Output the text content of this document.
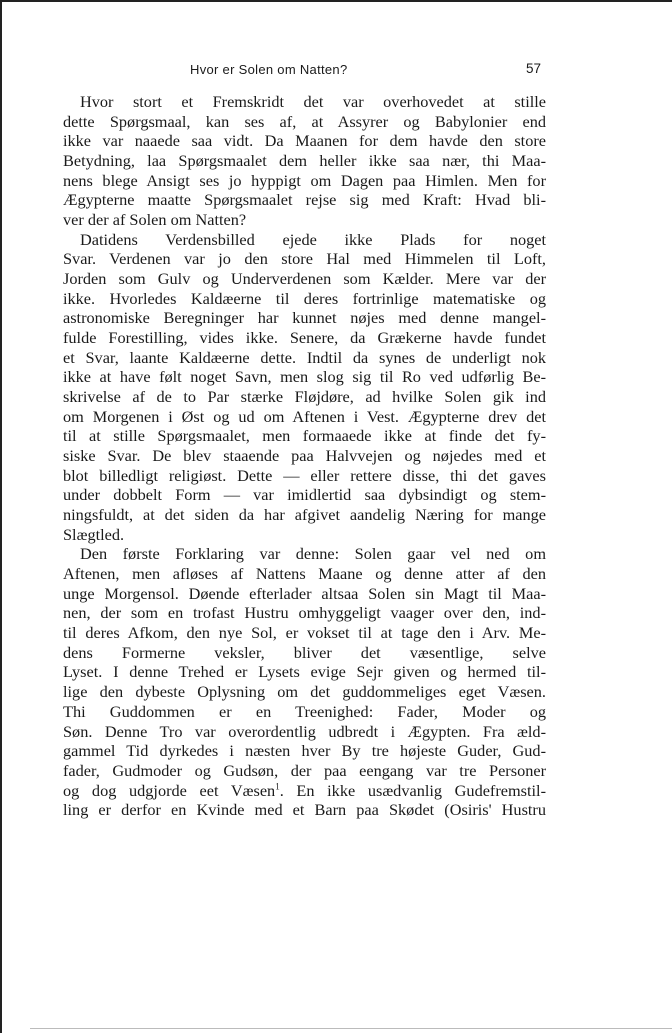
Hvor er Solen om Natten?	57
Hvor stort et Fremskridt det var overhovedet at stille
dette Spørgsmaal, kan ses af, at Assyrer og Babylonier end
ikke var naaede saa vidt. Da Maanen for dem havde den store
Betydning, laa Spørgsmaalet dem heller ikke saa nær, thi Maa-
nens blege Ansigt ses jo hyppigt om Dagen paa Himlen. Men for
Ægypterne maatte Spørgsmaalet rejse sig med Kraft: Hvad bli-
ver der af Solen om Natten?
Datidens Verdensbilled ejede ikke Plads for noget
Svar. Verdenen var jo den store Hal med Himmelen til Loft,
Jorden som Gulv og Underverdenen som Kælder. Mere var der
ikke. Hvorledes Kaldæerne til deres fortrinlige matematiske og
astronomiske Beregninger har kunnet nøjes med denne mangel-
fulde Forestilling, vides ikke. Senere, da Grækerne havde fundet
et Svar, laante Kaldæerne dette. Indtil da synes de underligt nok
ikke at have følt noget Savn, men slog sig til Ro ved udførlig Be-
skrivelse af de to Par stærke Fløjdøre, ad hvilke Solen gik ind
om Morgenen i Øst og ud om Aftenen i Vest. Ægypterne drev det
til at stille Spørgsmaalet, men formaaede ikke at finde det fy-
siske Svar. De blev staaende paa Halvvejen og nøjedes med et
blot billedligt religiøst. Dette — eller rettere disse, thi det gaves
under dobbelt Form — var imidlertid saa dybsindigt og stem-
ningsfuldt, at det siden da har afgivet aandelig Næring for mange
Slægtled.
Den første Forklaring var denne: Solen gaar vel ned om
Aftenen, men afløses af Nattens Maane og denne atter af den
unge Morgensol. Døende efterlader altsaa Solen sin Magt til Maa-
nen, der som en trofast Hustru omhyggeligt vaager over den, ind-
til deres Afkom, den nye Sol, er vokset til at tage den i Arv. Me-
dens Formerne veksler, bliver det væsentlige, selve
Lyset. I denne Trehed er Lysets evige Sejr given og hermed til-
lige den dybeste Oplysning om det guddommeliges eget Væsen.
Thi Guddommen er en Treenighed: Fader, Moder og
Søn. Denne Tro var overordentlig udbredt i Ægypten. Fra æld-
gammel Tid dyrkedes i næsten hver By tre højeste Guder, Gud-
fader, Gudmoder og Gudsøn, der paa eengang var tre Personer
og dog udgjorde eet Væsen$^1$. En ikke usædvanlig Gudefremstil-
ling er derfor en Kvinde med et Barn paa Skødet (Osiris' Hustru
